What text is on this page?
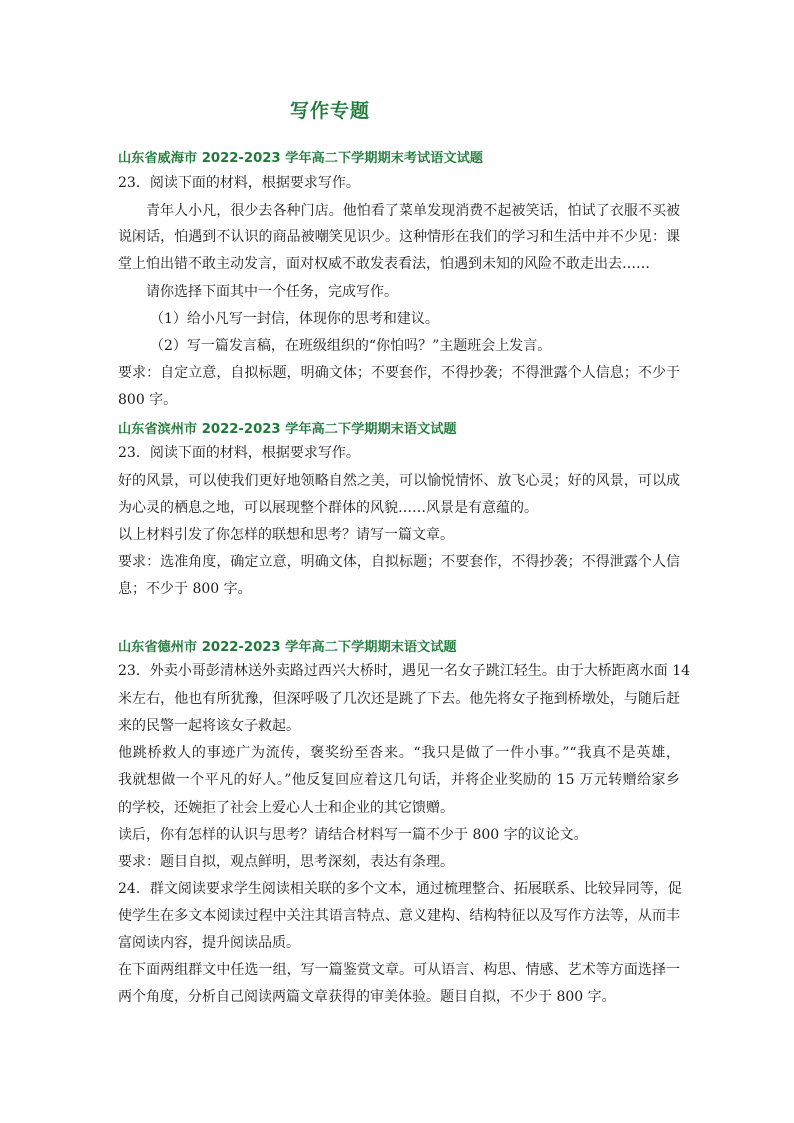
写作专题
山东省威海市 2022-2023 学年高二下学期期末考试语文试题
23．阅读下面的材料，根据要求写作。
青年人小凡，很少去各种门店。他怕看了菜单发现消费不起被笑话，怕试了衣服不买被
说闲话，怕遇到不认识的商品被嘲笑见识少。这种情形在我们的学习和生活中并不少见：课
堂上怕出错不敢主动发言，面对权威不敢发表看法，怕遇到未知的风险不敢走出去……
请你选择下面其中一个任务，完成写作。
（1）给小凡写一封信，体现你的思考和建议。
（2）写一篇发言稿，在班级组织的“你怕吗？”主题班会上发言。
要求：自定立意，自拟标题，明确文体；不要套作，不得抄袭；不得泄露个人信息；不少于
800 字。
山东省滨州市 2022-2023 学年高二下学期期末语文试题
23．阅读下面的材料，根据要求写作。
好的风景，可以使我们更好地领略自然之美，可以愉悦情怀、放飞心灵；好的风景，可以成
为心灵的栖息之地，可以展现整个群体的风貌……风景是有意蕴的。
以上材料引发了你怎样的联想和思考？请写一篇文章。
要求：选准角度，确定立意，明确文体，自拟标题；不要套作，不得抄袭；不得泄露个人信
息；不少于 800 字。
山东省德州市 2022-2023 学年高二下学期期末语文试题
23．外卖小哥彭清林送外卖路过西兴大桥时，遇见一名女子跳江轻生。由于大桥距离水面 14
米左右，他也有所犹豫，但深呼吸了几次还是跳了下去。他先将女子拖到桥墩处，与随后赶
来的民警一起将该女子救起。
他跳桥救人的事迹广为流传，褒奖纷至沓来。“我只是做了一件小事。”“我真不是英雄，
我就想做一个平凡的好人。”他反复回应着这几句话，并将企业奖励的 15 万元转赠给家乡
的学校，还婉拒了社会上爱心人士和企业的其它馈赠。
读后，你有怎样的认识与思考？请结合材料写一篇不少于 800 字的议论文。
要求：题目自拟，观点鲜明，思考深刻，表达有条理。
24．群文阅读要求学生阅读相关联的多个文本，通过梳理整合、拓展联系、比较异同等，促
使学生在多文本阅读过程中关注其语言特点、意义建构、结构特征以及写作方法等，从而丰
富阅读内容，提升阅读品质。
在下面两组群文中任选一组，写一篇鉴赏文章。可从语言、构思、情感、艺术等方面选择一
两个角度，分析自己阅读两篇文章获得的审美体验。题目自拟，不少于 800 字。
